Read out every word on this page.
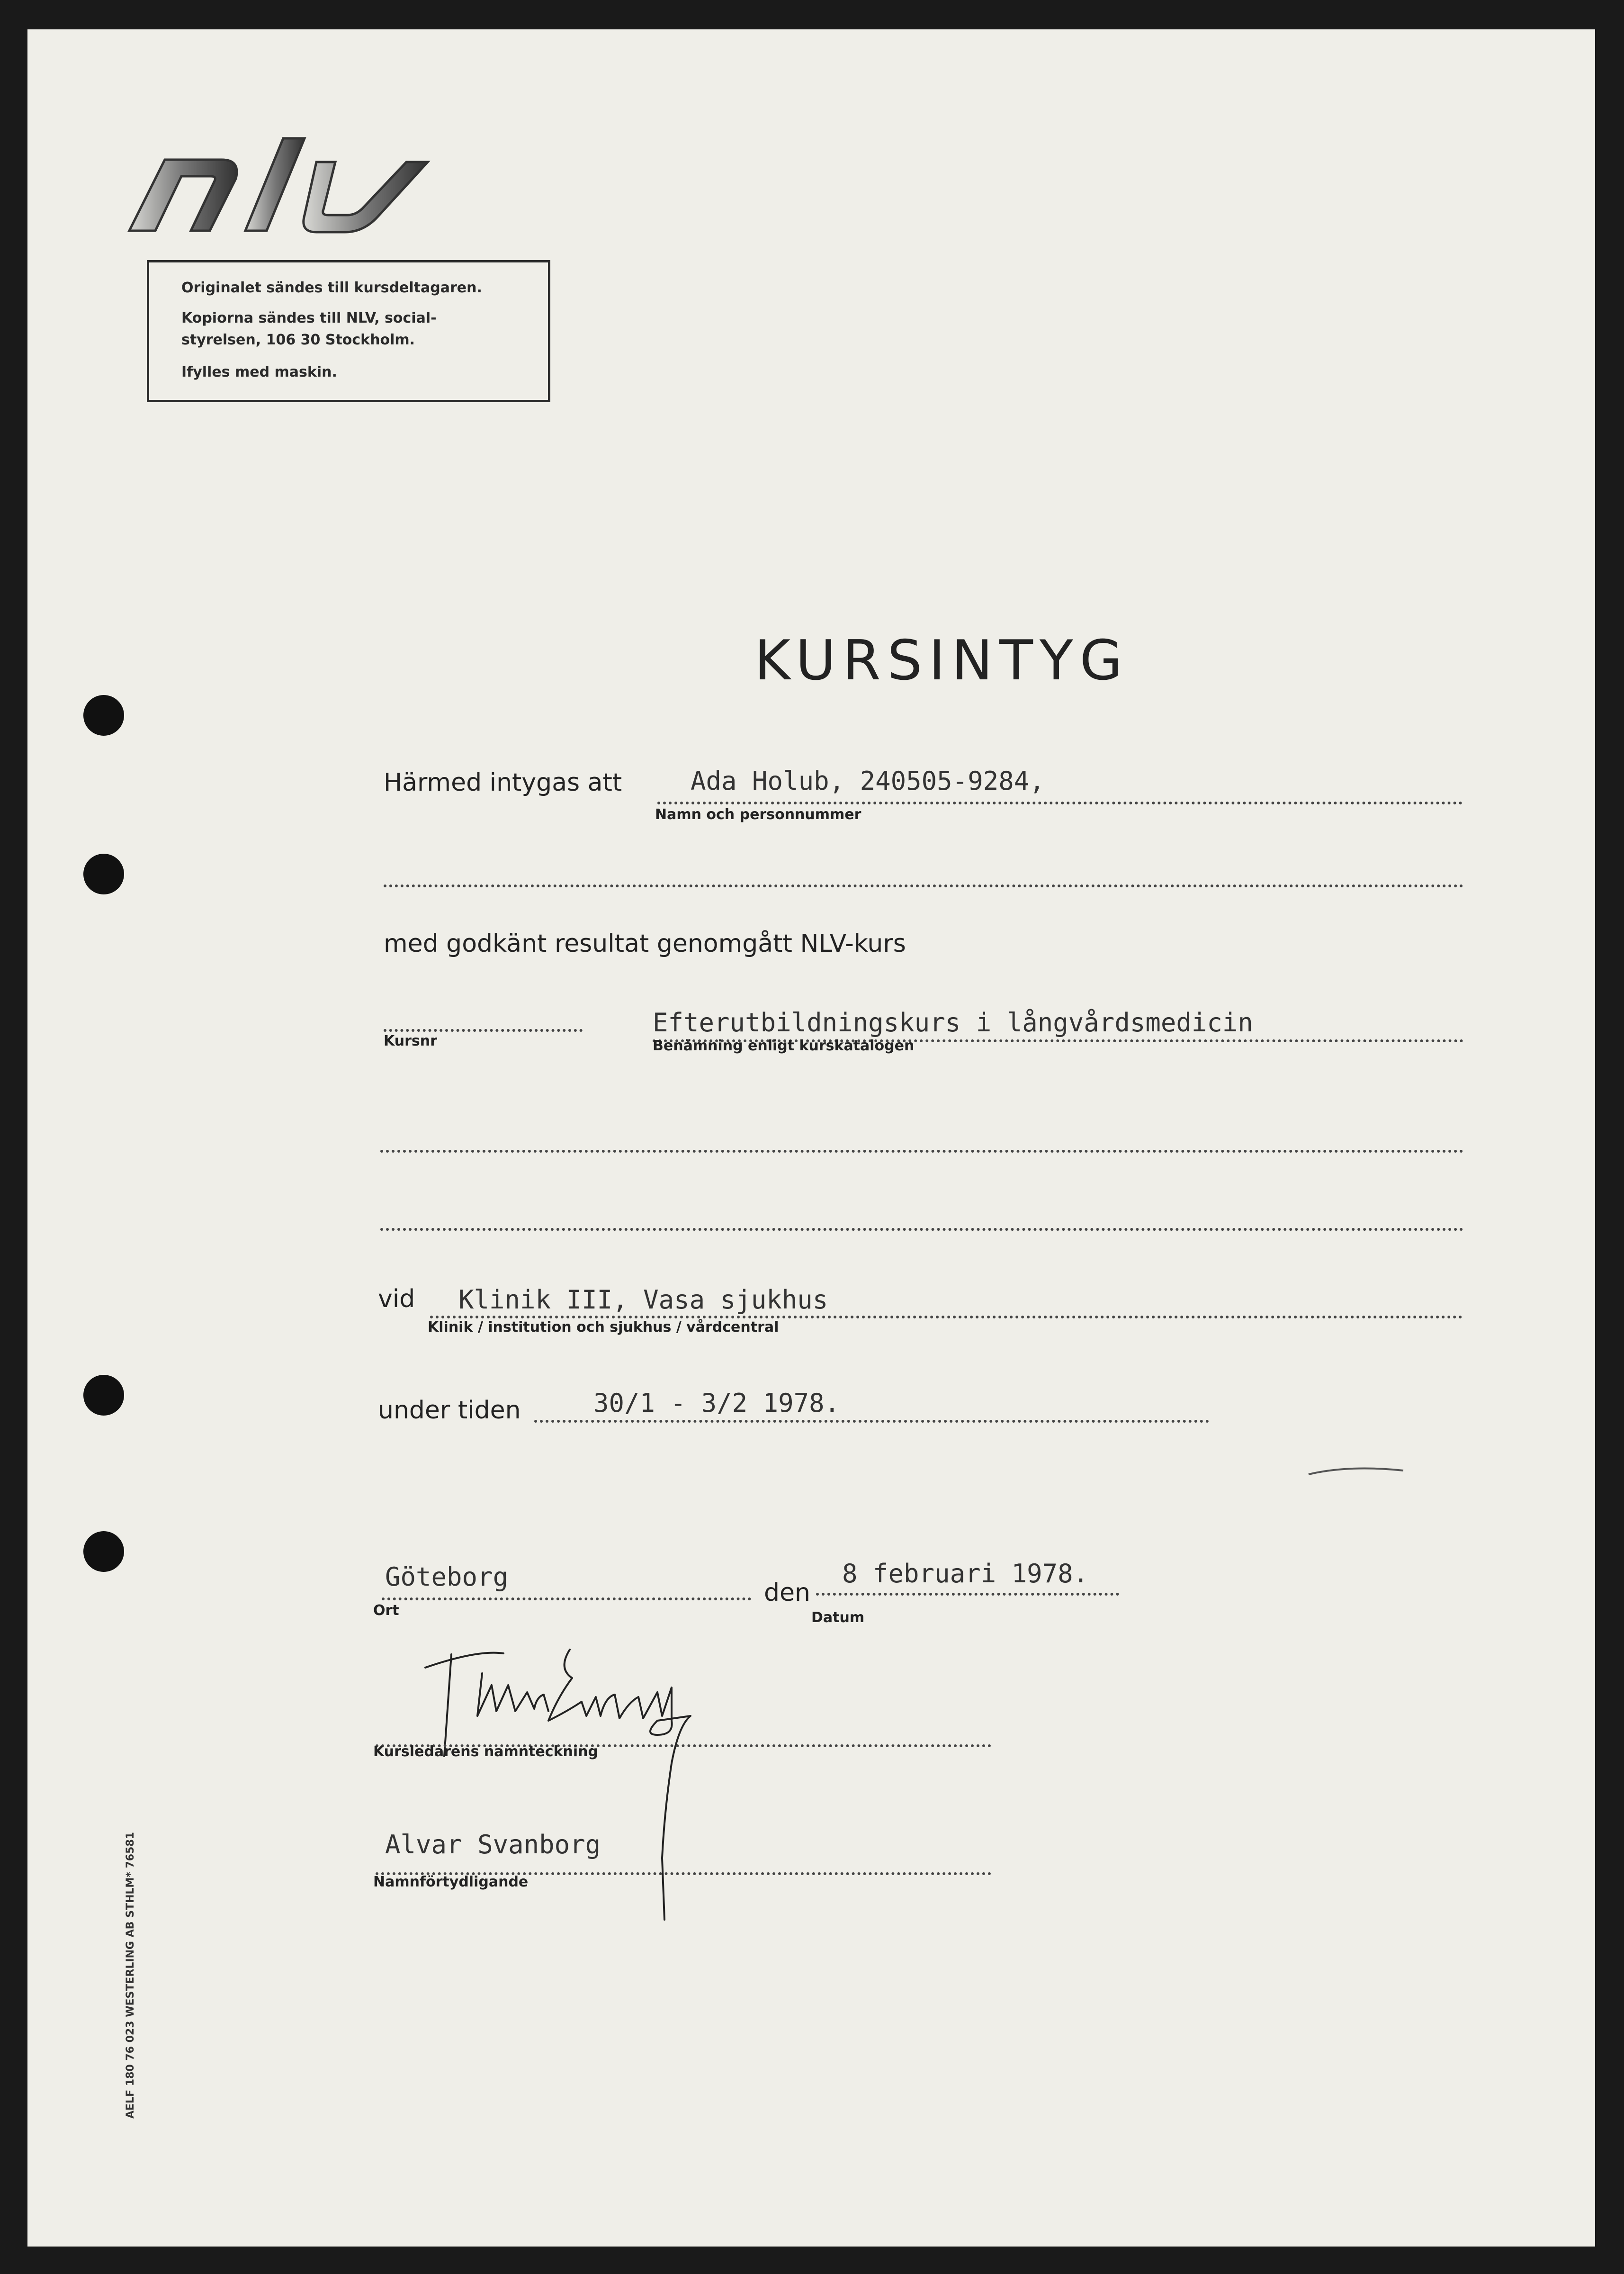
Originalet sändes till kursdeltagaren.
Kopiorna sändes till NLV, social-
styrelsen, 106 30 Stockholm.
Ifylles med maskin.
KURSINTYG
Härmed intygas att	Ada Holub, 240505-9284,
Namn och personnummer
med godkänt resultat genomgått NLV-kurs
Kursnr
Efterutbildningskurs i långvårdsmedicin
Benämning enligt kurskatalogen
vid Klinik III, Vasa sjukhus
Klinik / institution och sjukhus / vårdcentral
under tiden	30/1 - 3/2 1978.
Göteborg
Ort
den
8 februari 1978.
Datum
Kursledarens namnteckning
Alvar Svanborg
Namnförtydligande
AELF 180 76 023 WESTERLING AB STHLM* 76581
